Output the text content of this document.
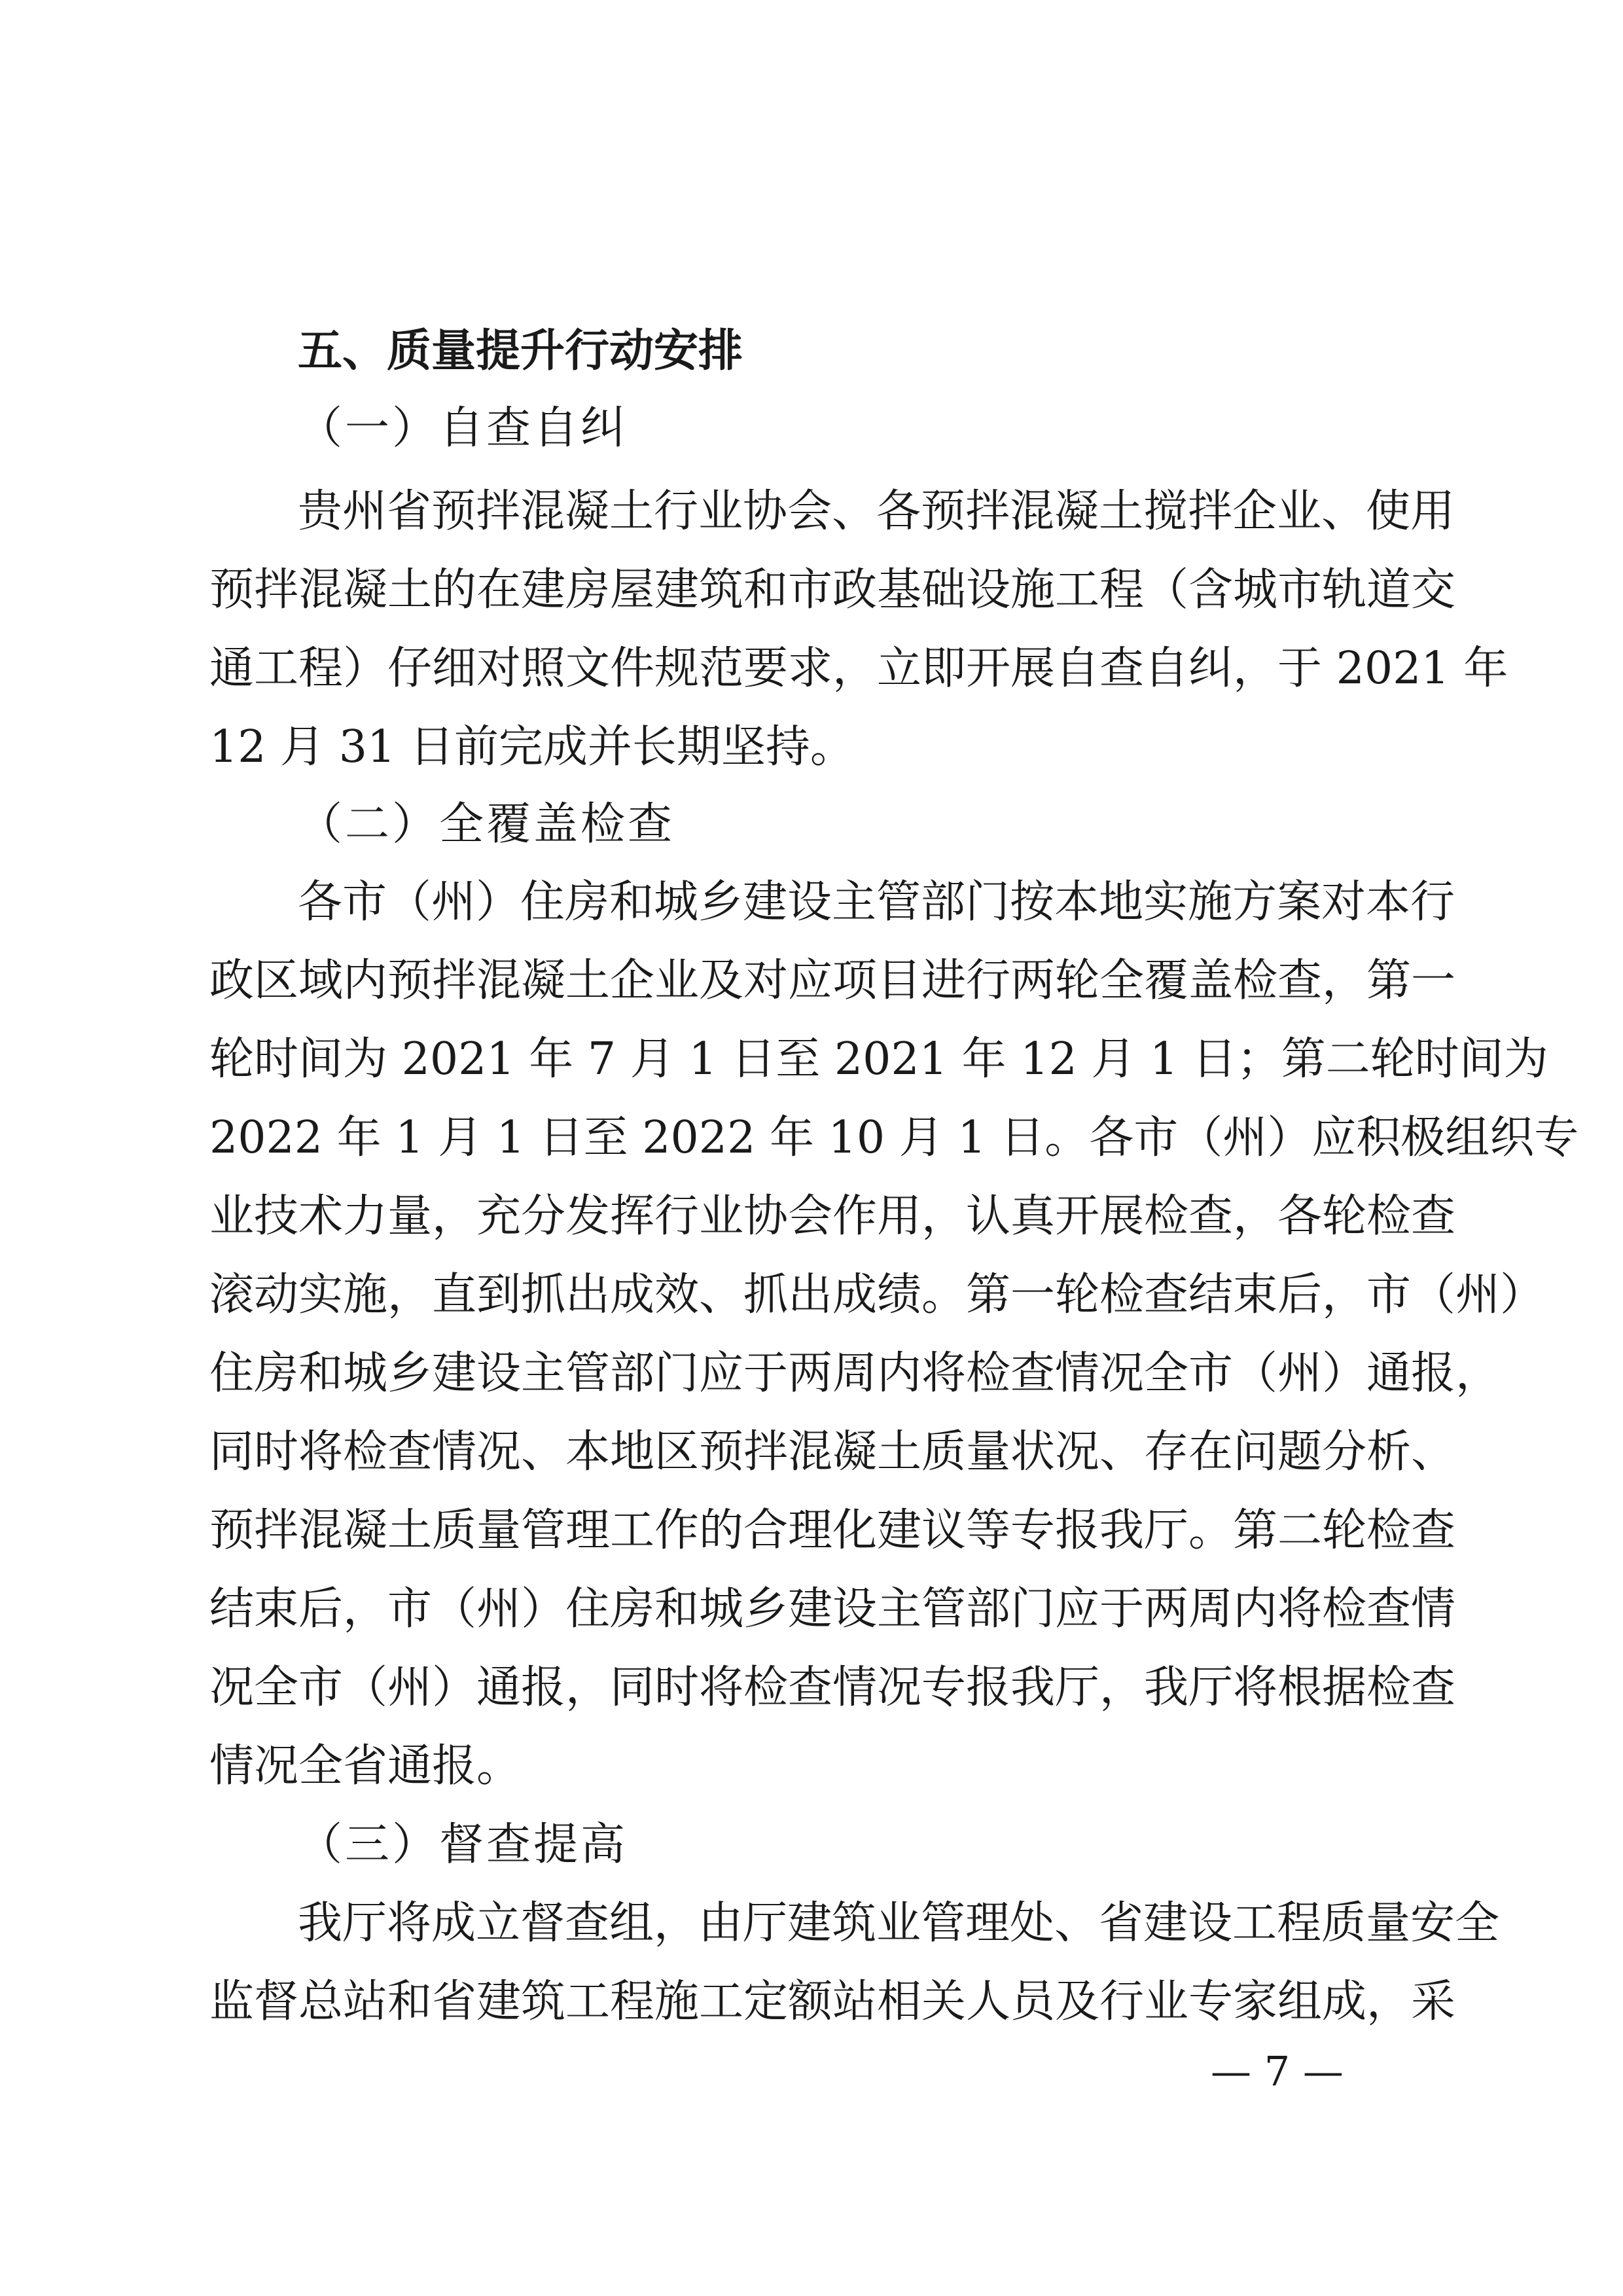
五、质量提升行动安排
（一）自查自纠
贵州省预拌混凝土行业协会、各预拌混凝土搅拌企业、使用
预拌混凝土的在建房屋建筑和市政基础设施工程（含城市轨道交
通工程）仔细对照文件规范要求，立即开展自查自纠，于 2021 年
12 月 31 日前完成并长期坚持。
（二）全覆盖检查
各市（州）住房和城乡建设主管部门按本地实施方案对本行
政区域内预拌混凝土企业及对应项目进行两轮全覆盖检查，第一
轮时间为 2021 年 7 月 1 日至 2021 年 12 月 1 日；第二轮时间为
2022 年 1 月 1 日至 2022 年 10 月 1 日。各市（州）应积极组织专
业技术力量，充分发挥行业协会作用，认真开展检查，各轮检查
滚动实施，直到抓出成效、抓出成绩。第一轮检查结束后，市（州）
住房和城乡建设主管部门应于两周内将检查情况全市（州）通报，
同时将检查情况、本地区预拌混凝土质量状况、存在问题分析、
预拌混凝土质量管理工作的合理化建议等专报我厅。第二轮检查
结束后，市（州）住房和城乡建设主管部门应于两周内将检查情
况全市（州）通报，同时将检查情况专报我厅，我厅将根据检查
情况全省通报。
（三）督查提高
我厅将成立督查组，由厅建筑业管理处、省建设工程质量安全
监督总站和省建筑工程施工定额站相关人员及行业专家组成，采
— 7 —
